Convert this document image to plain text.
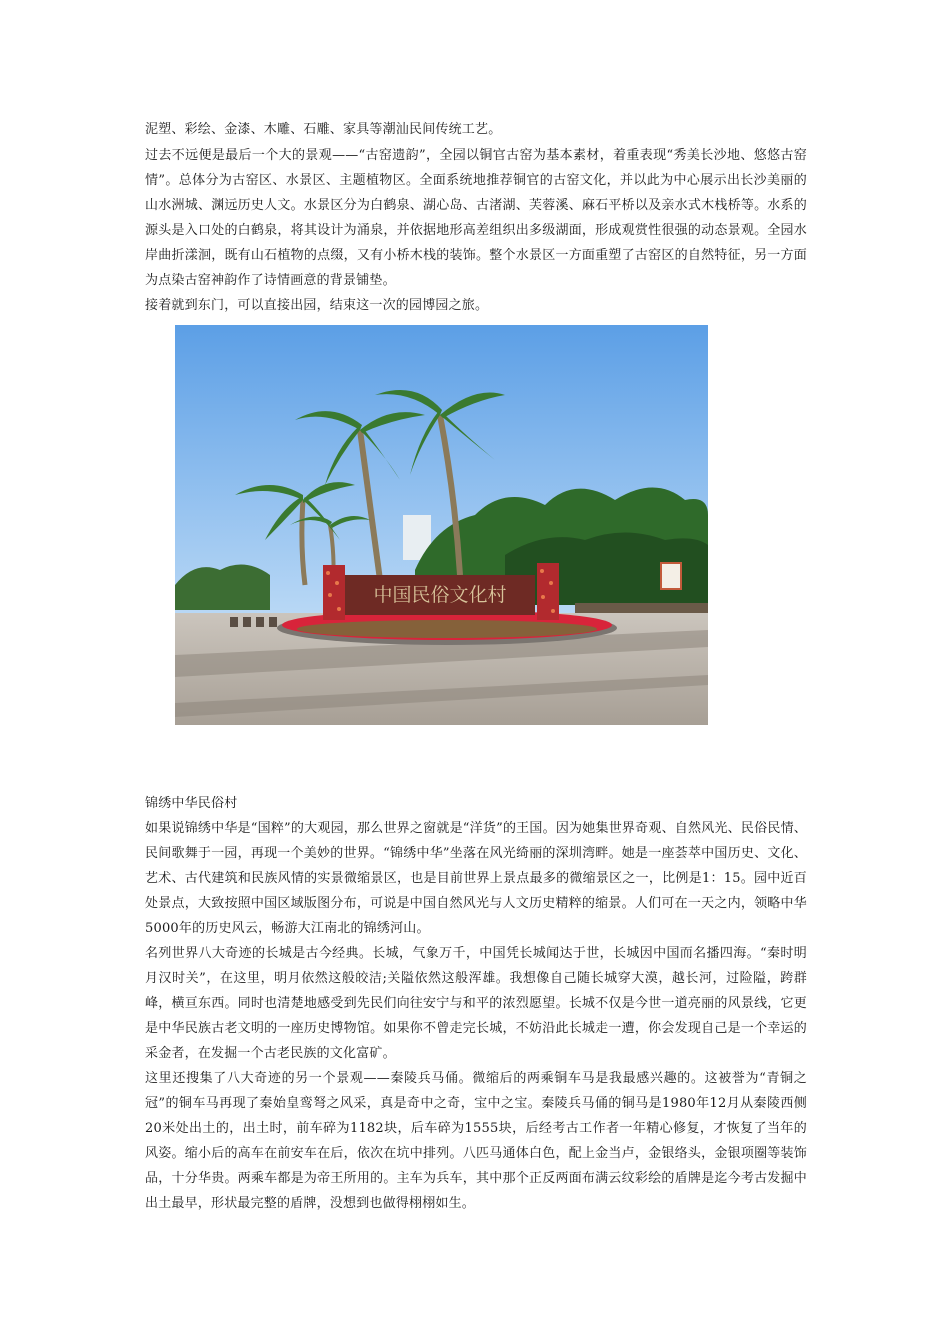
泥塑、彩绘、金漆、木雕、石雕、家具等潮汕民间传统工艺。

过去不远便是最后一个大的景观——“古窑遗韵”，全园以铜官古窑为基本素材，着重表现“秀美长沙地、悠悠古窑情”。总体分为古窑区、水景区、主题植物区。全面系统地推荐铜官的古窑文化，并以此为中心展示出长沙美丽的山水洲城、渊远历史人文。水景区分为白鹤泉、湖心岛、古渚湖、芙蓉溪、麻石平桥以及亲水式木栈桥等。水系的源头是入口处的白鹤泉，将其设计为涌泉，并依据地形高差组织出多级湖面，形成观赏性很强的动态景观。全园水岸曲折漾洄，既有山石植物的点缀，又有小桥木栈的装饰。整个水景区一方面重塑了古窑区的自然特征，另一方面为点染古窑神韵作了诗情画意的背景铺垫。

接着就到东门，可以直接出园，结束这一次的园博园之旅。

中国民俗文化村

锦绣中华民俗村

如果说锦绣中华是“国粹”的大观园，那么世界之窗就是“洋货”的王国。因为她集世界奇观、自然风光、民俗民情、民间歌舞于一园，再现一个美妙的世界。“锦绣中华”坐落在风光绮丽的深圳湾畔。她是一座荟萃中国历史、文化、艺术、古代建筑和民族风情的实景微缩景区，也是目前世界上景点最多的微缩景区之一，比例是1：15。园中近百处景点，大致按照中国区域版图分布，可说是中国自然风光与人文历史精粹的缩景。人们可在一天之内，领略中华5000年的历史风云，畅游大江南北的锦绣河山。

名列世界八大奇迹的长城是古今经典。长城，气象万千，中国凭长城闻达于世，长城因中国而名播四海。“秦时明月汉时关”，在这里，明月依然这般皎洁;关隘依然这般浑雄。我想像自己随长城穿大漠，越长河，过险隘，跨群峰，横亘东西。同时也清楚地感受到先民们向往安宁与和平的浓烈愿望。长城不仅是今世一道亮丽的风景线，它更是中华民族古老文明的一座历史博物馆。如果你不曾走完长城，不妨沿此长城走一遭，你会发现自己是一个幸运的采金者，在发掘一个古老民族的文化富矿。

这里还搜集了八大奇迹的另一个景观——秦陵兵马俑。微缩后的两乘铜车马是我最感兴趣的。这被誉为“青铜之冠”的铜车马再现了秦始皇鸾弩之风采，真是奇中之奇，宝中之宝。秦陵兵马俑的铜马是1980年12月从秦陵西侧20米处出土的，出土时，前车碎为1182块，后车碎为1555块，后经考古工作者一年精心修复，才恢复了当年的风姿。缩小后的高车在前安车在后，依次在坑中排列。八匹马通体白色，配上金当卢，金银络头，金银项圈等装饰品，十分华贵。两乘车都是为帝王所用的。主车为兵车，其中那个正反两面布满云纹彩绘的盾牌是迄今考古发掘中出土最早，形状最完整的盾牌，没想到也做得栩栩如生。
